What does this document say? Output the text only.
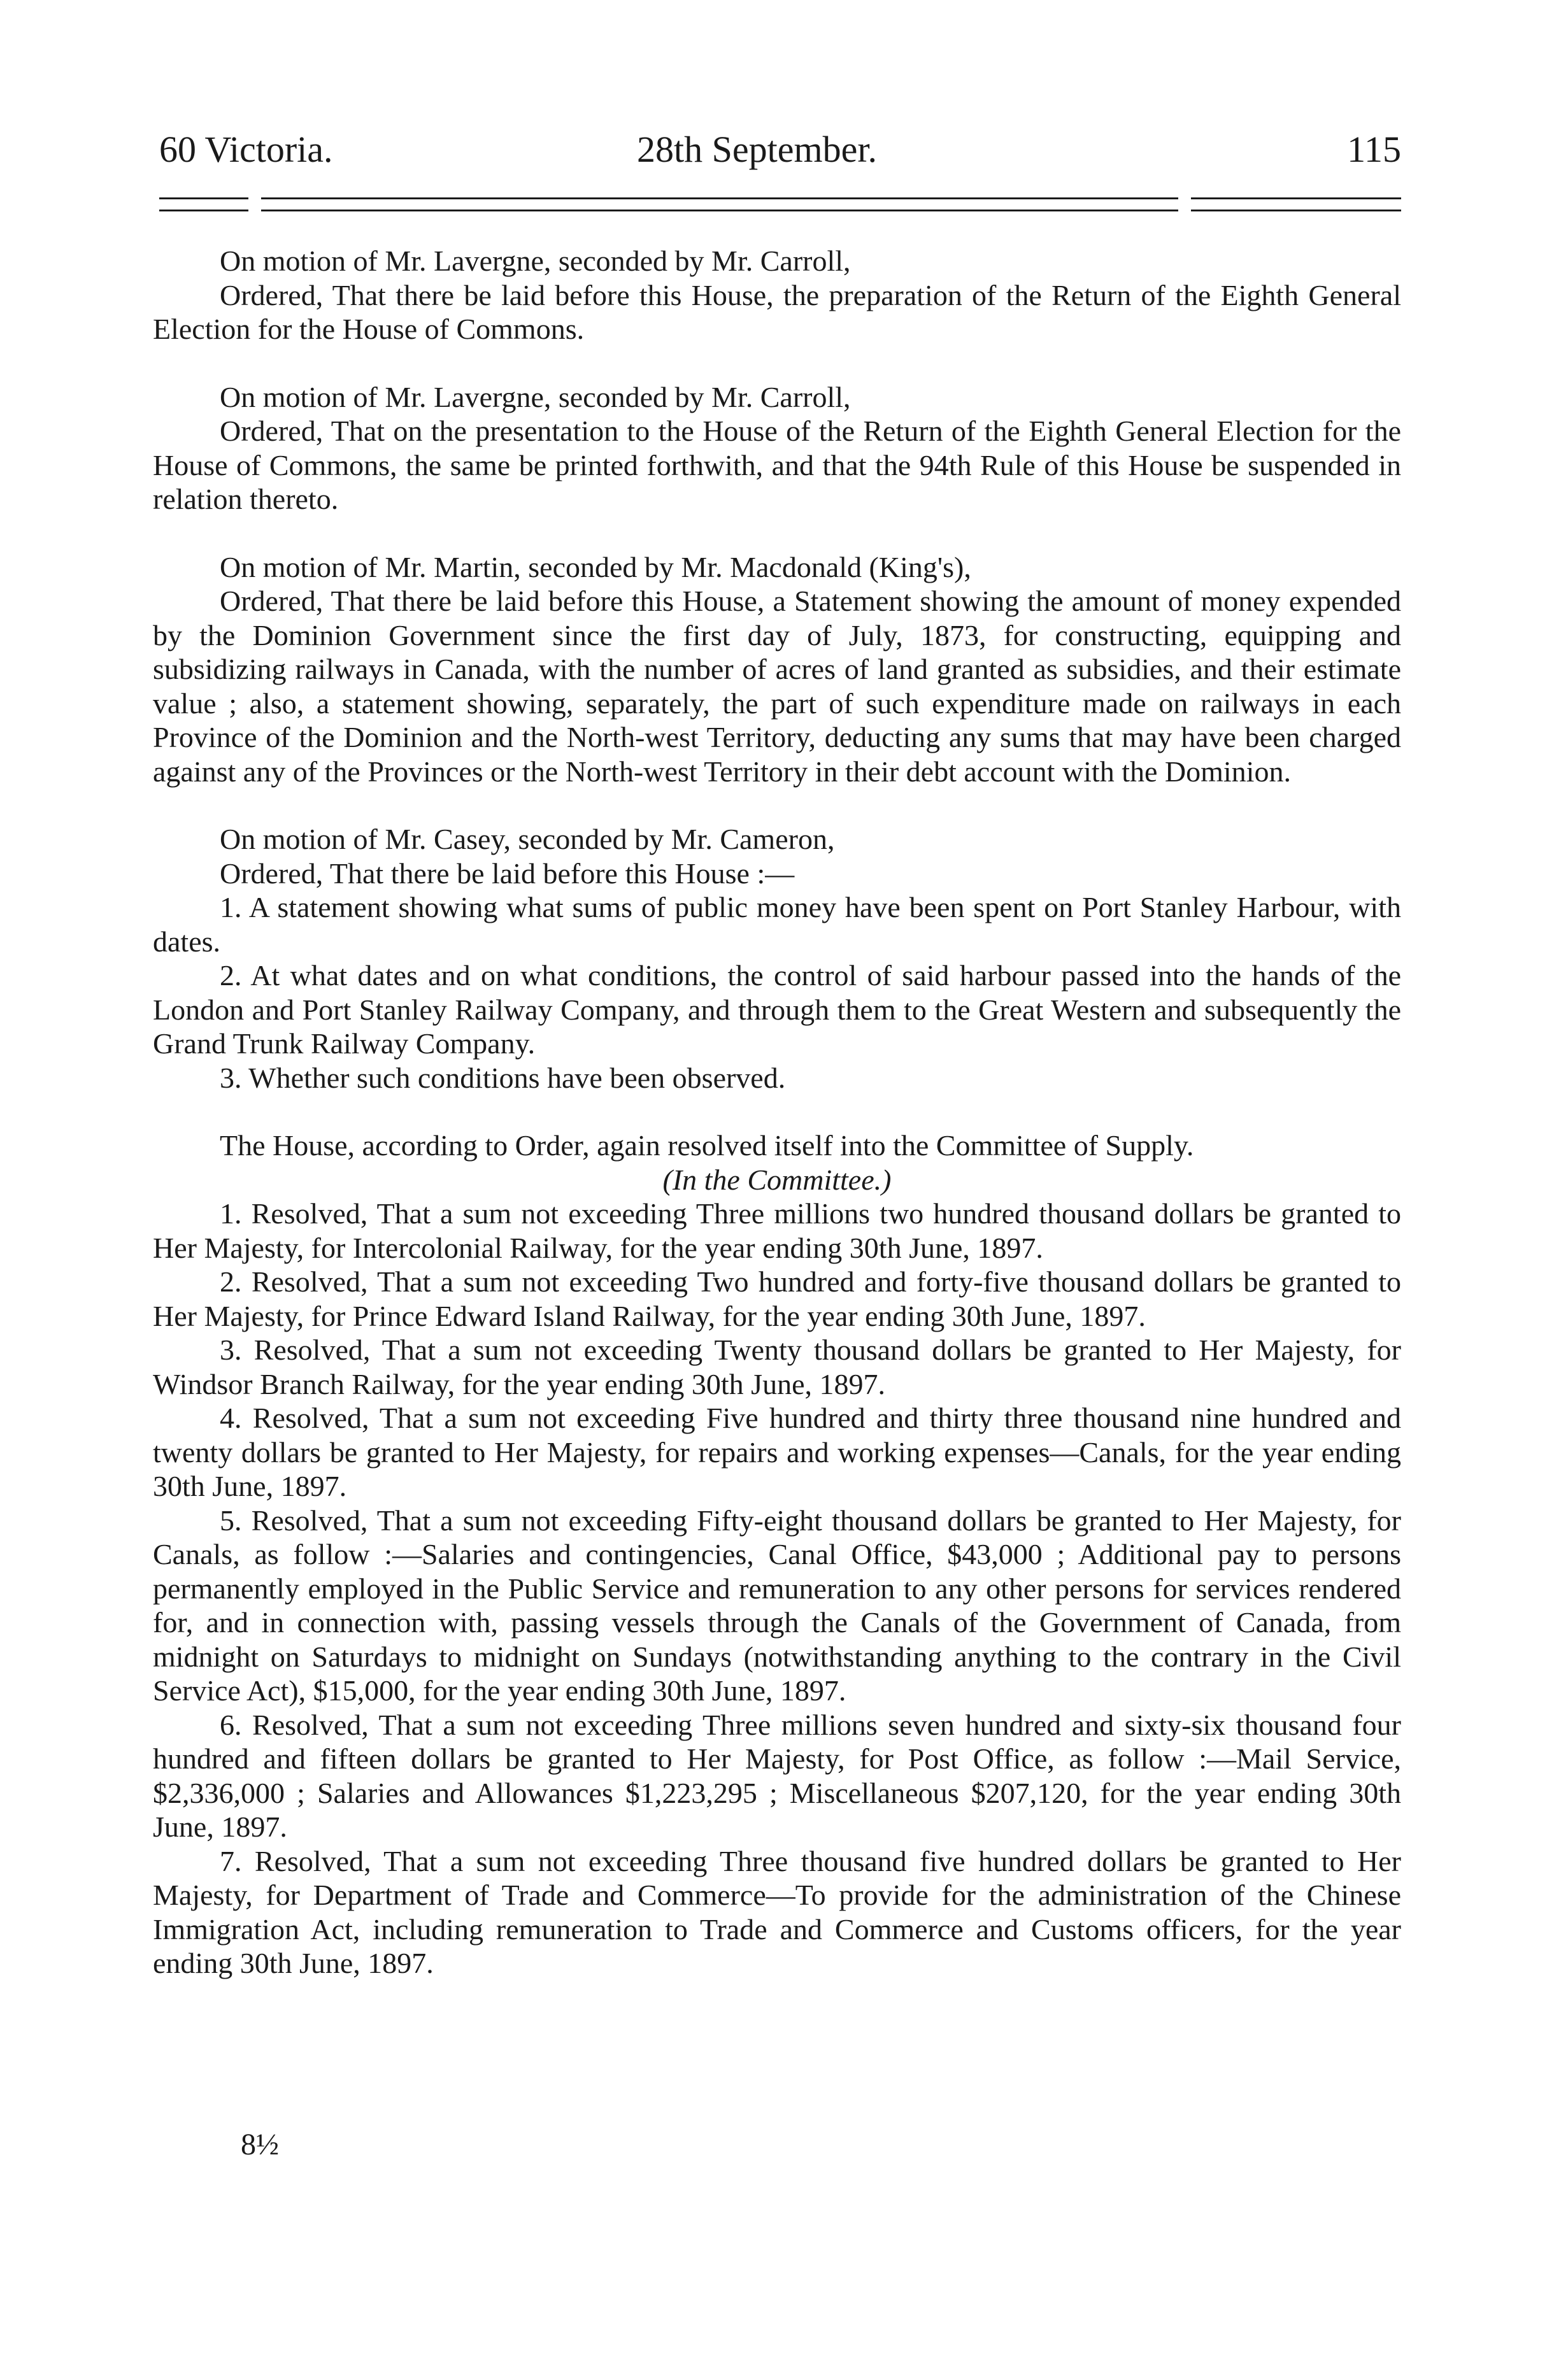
60 Victoria.	28th September.	115

On motion of Mr. Lavergne, seconded by Mr. Carroll,

Ordered, That there be laid before this House, the preparation of the Return of the Eighth General Election for the House of Commons.

On motion of Mr. Lavergne, seconded by Mr. Carroll,

Ordered, That on the presentation to the House of the Return of the Eighth General Election for the House of Commons, the same be printed forthwith, and that the 94th Rule of this House be suspended in relation thereto.

On motion of Mr. Martin, seconded by Mr. Macdonald (King's),

Ordered, That there be laid before this House, a Statement showing the amount of money expended by the Dominion Government since the first day of July, 1873, for constructing, equipping and subsidizing railways in Canada, with the number of acres of land granted as subsidies, and their estimate value ; also, a statement showing, separately, the part of such expenditure made on railways in each Province of the Dominion and the North-west Territory, deducting any sums that may have been charged against any of the Provinces or the North-west Territory in their debt account with the Dominion.

On motion of Mr. Casey, seconded by Mr. Cameron,

Ordered, That there be laid before this House :—

1. A statement showing what sums of public money have been spent on Port Stanley Harbour, with dates.

2. At what dates and on what conditions, the control of said harbour passed into the hands of the London and Port Stanley Railway Company, and through them to the Great Western and subsequently the Grand Trunk Railway Company.

3. Whether such conditions have been observed.

The House, according to Order, again resolved itself into the Committee of Supply.

(In the Committee.)

1. Resolved, That a sum not exceeding Three millions two hundred thousand dollars be granted to Her Majesty, for Intercolonial Railway, for the year ending 30th June, 1897.

2. Resolved, That a sum not exceeding Two hundred and forty-five thousand dollars be granted to Her Majesty, for Prince Edward Island Railway, for the year ending 30th June, 1897.

3. Resolved, That a sum not exceeding Twenty thousand dollars be granted to Her Majesty, for Windsor Branch Railway, for the year ending 30th June, 1897.

4. Resolved, That a sum not exceeding Five hundred and thirty three thousand nine hundred and twenty dollars be granted to Her Majesty, for repairs and working expenses—Canals, for the year ending 30th June, 1897.

5. Resolved, That a sum not exceeding Fifty-eight thousand dollars be granted to Her Majesty, for Canals, as follow :—Salaries and contingencies, Canal Office, $43,000 ; Additional pay to persons permanently employed in the Public Service and remuneration to any other persons for services rendered for, and in connection with, passing vessels through the Canals of the Government of Canada, from midnight on Saturdays to midnight on Sundays (notwithstanding anything to the contrary in the Civil Service Act), $15,000, for the year ending 30th June, 1897.

6. Resolved, That a sum not exceeding Three millions seven hundred and sixty-six thousand four hundred and fifteen dollars be granted to Her Majesty, for Post Office, as follow :—Mail Service, $2,336,000 ; Salaries and Allowances $1,223,295 ; Miscellaneous $207,120, for the year ending 30th June, 1897.

7. Resolved, That a sum not exceeding Three thousand five hundred dollars be granted to Her Majesty, for Department of Trade and Commerce—To provide for the administration of the Chinese Immigration Act, including remuneration to Trade and Commerce and Customs officers, for the year ending 30th June, 1897.

8½
